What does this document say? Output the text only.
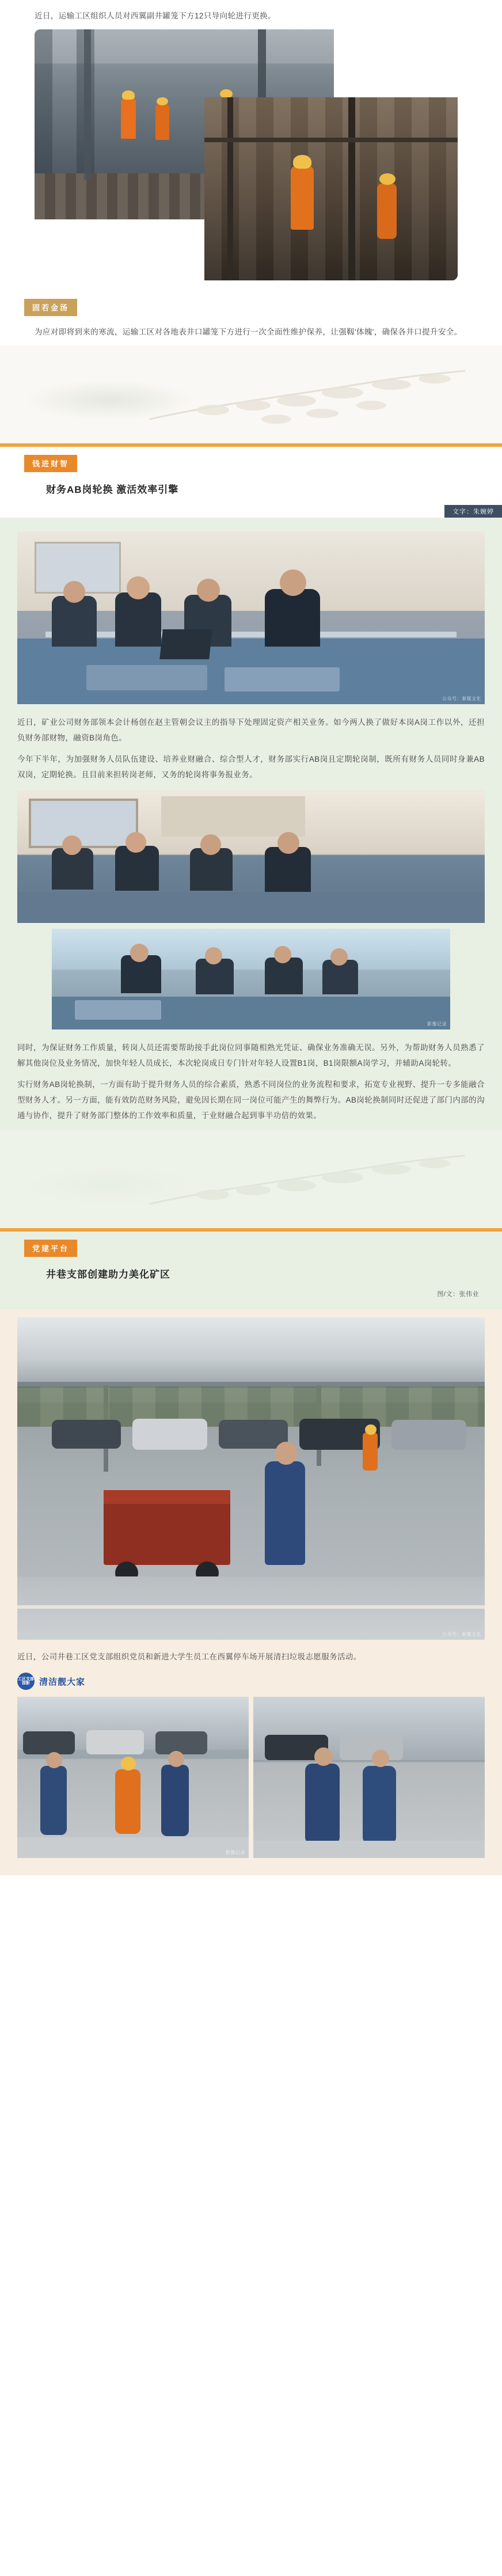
近日，运输工区组织人员对西翼副井罐笼下方12只导向轮进行更换。
固若金汤
为应对即将到来的寒流，运输工区对各地表井口罐笼下方进行一次全面性维护保养，让强靱'体魄'，确保各井口提升安全。
钱进财智
财务AB岗轮换 激活效率引擎
文字：朱婉婷
公众号：泰煤文化
近日，矿业公司财务部领本会计杨创在赵主管朝会议主的指导下处理固定资产相关业务。如今两人换了做好本岗A岗工作以外，还担负财务部财物，融资B岗角色。
今年下半年，为加强财务人员队伍建设、培养业财融合、综合型人才，财务部实行AB岗且定期轮岗制，既所有财务人员同时身兼AB双岗，定期轮换。且目前来担转岗老师，又务的轮岗将事务报业务。
影像记录
同时，为保证财务工作质量，转岗人员还需要帮助接手此岗位同事随相熟光凭证、确保业务准确无误。另外，为帮助财务人员熟悉了解其他岗位及业务情况，加快年轻人员成长，本次轮岗成日专门针对年轻人设置B1岗，B1岗限额A岗学习，并辅助A岗轮转。
实行财务AB岗轮换制，一方面有助于提升财务人员的综合素质，熟悉不同岗位的业务流程和要求，拓宽专业视野、提升一专多能融合型财务人才。另一方面，能有效防范财务风险，避免因长期在同一岗位可能产生的舞弊行为。AB岗轮换制同时还促进了部门内部的沟通与协作，提升了财务部门整体的工作效率和质量，于业财融合起到事半功倍的效果。
党建平台
井巷支部创建助力美化矿区
图/文：张伟业
公众号：泰煤文化
近日，公司井巷工区党支部组织党员和新进大学生员工在西翼停车场开展清扫垃圾志愿服务活动。
工区支部掠影	清洁靓大家
影像记录
